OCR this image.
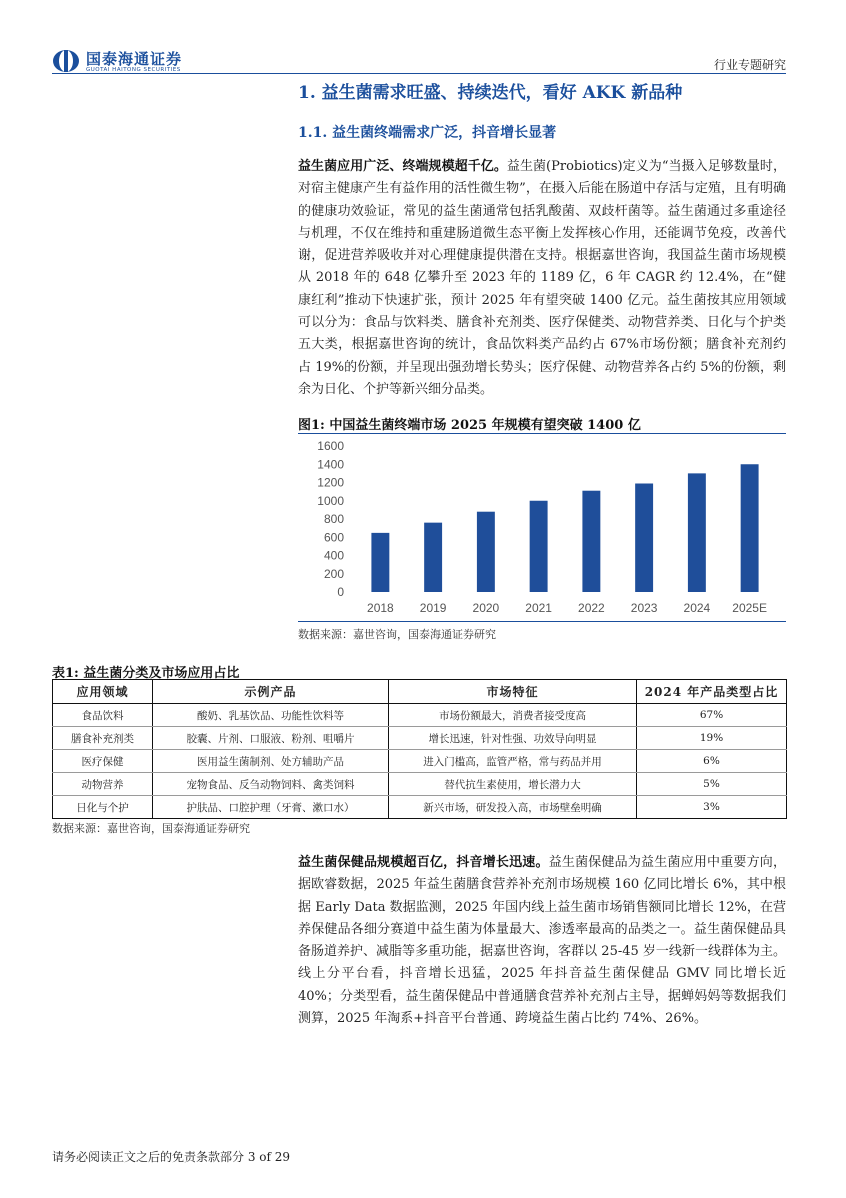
国泰海通证券
GUOTAI HAITONG SECURITIES	行业专题研究
1. 益生菌需求旺盛、持续迭代，看好 AKK 新品种
1.1. 益生菌终端需求广泛，抖音增长显著
益生菌应用广泛、终端规模超千亿。益生菌(Probiotics)定义为“当摄入足够数量时，对宿主健康产生有益作用的活性微生物”，在摄入后能在肠道中存活与定殖，且有明确的健康功效验证，常见的益生菌通常包括乳酸菌、双歧杆菌等。益生菌通过多重途径与机理，不仅在维持和重建肠道微生态平衡上发挥核心作用，还能调节免疫，改善代谢，促进营养吸收并对心理健康提供潜在支持。根据嘉世咨询，我国益生菌市场规模从 2018 年的 648 亿攀升至 2023 年的 1189 亿，6 年 CAGR 约 12.4%，在“健康红利”推动下快速扩张，预计 2025 年有望突破 1400 亿元。益生菌按其应用领域可以分为：食品与饮料类、膳食补充剂类、医疗保健类、动物营养类、日化与个护类五大类，根据嘉世咨询的统计，食品饮料类产品约占 67%市场份额；膳食补充剂约占 19%的份额，并呈现出强劲增长势头；医疗保健、动物营养各占约 5%的份额，剩余为日化、个护等新兴细分品类。
图1: 中国益生菌终端市场 2025 年规模有望突破 1400 亿
0
200
400
600
800
1000
1200
1400
1600
2018 2019 2020 2021 2022 2023 2024 2025E
数据来源：嘉世咨询，国泰海通证券研究
表1: 益生菌分类及市场应用占比
应用领域	示例产品	市场特征	2024 年产品类型占比
食品饮料	酸奶、乳基饮品、功能性饮料等	市场份额最大，消费者接受度高	67%
膳食补充剂类	胶囊、片剂、口服液、粉剂、咀嚼片	增长迅速，针对性强、功效导向明显	19%
医疗保健	医用益生菌制剂、处方辅助产品	进入门槛高，监管严格，常与药品并用	6%
动物营养	宠物食品、反刍动物饲料、禽类饲料	替代抗生素使用，增长潜力大	5%
日化与个护	护肤品、口腔护理（牙膏、漱口水）	新兴市场，研发投入高，市场壁垒明确	3%
数据来源：嘉世咨询，国泰海通证券研究
益生菌保健品规模超百亿，抖音增长迅速。益生菌保健品为益生菌应用中重要方向，据欧睿数据，2025 年益生菌膳食营养补充剂市场规模 160 亿同比增长 6%，其中根据 Early Data 数据监测，2025 年国内线上益生菌市场销售额同比增长 12%，在营养保健品各细分赛道中益生菌为体量最大、渗透率最高的品类之一。益生菌保健品具备肠道养护、减脂等多重功能，据嘉世咨询，客群以 25-45 岁一线新一线群体为主。线上分平台看，抖音增长迅猛，2025 年抖音益生菌保健品 GMV 同比增长近 40%；分类型看，益生菌保健品中普通膳食营养补充剂占主导，据蝉妈妈等数据我们测算，2025 年淘系+抖音平台普通、跨境益生菌占比约 74%、26%。
请务必阅读正文之后的免责条款部分 3 of 29
